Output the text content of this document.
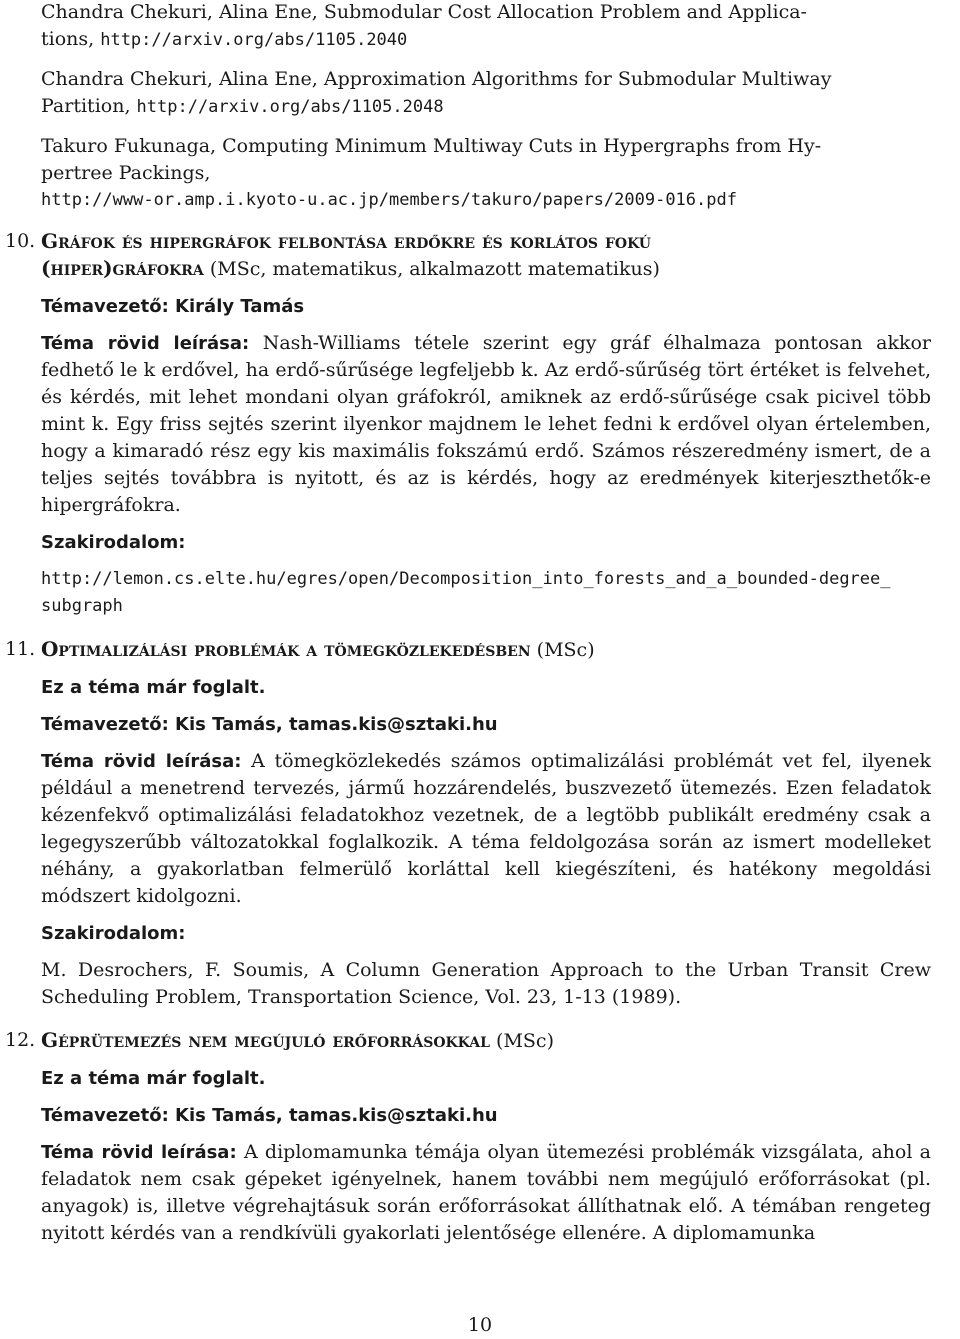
Chandra Chekuri, Alina Ene, Submodular Cost Allocation Problem and Applica-

tions, http://arxiv.org/abs/1105.2040

Chandra Chekuri, Alina Ene, Approximation Algorithms for Submodular Multiway

Partition, http://arxiv.org/abs/1105.2048

Takuro Fukunaga, Computing Minimum Multiway Cuts in Hypergraphs from Hy-

pertree Packings,

http://www-or.amp.i.kyoto-u.ac.jp/members/takuro/papers/2009-016.pdf

10. Gráfok és hipergráfok felbontása erdőkre és korlátos fokú

(hiper)gráfokra (MSc, matematikus, alkalmazott matematikus)

Témavezető: Király Tamás

Téma rövid leírása: Nash-Williams tétele szerint egy gráf élhalmaza pontosan akkor fedhető le k erdővel, ha erdő-sűrűsége legfeljebb k. Az erdő-sűrűség tört értéket is felvehet, és kérdés, mit lehet mondani olyan gráfokról, amiknek az erdő-sűrűsége csak picivel több mint k. Egy friss sejtés szerint ilyenkor majdnem le lehet fedni k erdővel olyan értelemben, hogy a kimaradó rész egy kis maximális fokszámú erdő. Számos részeredmény ismert, de a teljes sejtés továbbra is nyitott, és az is kérdés, hogy az eredmények kiterjeszthetők-e hipergráfokra.

Szakirodalom:

http://lemon.cs.elte.hu/egres/open/Decomposition_into_forests_and_a_bounded-degree_

subgraph

11. Optimalizálási problémák a tömegközlekedésben (MSc)

Ez a téma már foglalt.

Témavezető: Kis Tamás, tamas.kis@sztaki.hu

Téma rövid leírása: A tömegközlekedés számos optimalizálási problémát vet fel, ilyenek például a menetrend tervezés, jármű hozzárendelés, buszvezető ütemezés. Ezen feladatok kézenfekvő optimalizálási feladatokhoz vezetnek, de a legtöbb publikált eredmény csak a legegyszerűbb változatokkal foglalkozik. A téma feldolgozása során az ismert modelleket néhány, a gyakorlatban felmerülő korláttal kell kiegészíteni, és hatékony megoldási módszert kidolgozni.

Szakirodalom:

M. Desrochers, F. Soumis, A Column Generation Approach to the Urban Transit Crew Scheduling Problem, Transportation Science, Vol. 23, 1-13 (1989).

12. Géprütemezés nem megújuló erőforrásokkal (MSc)

Ez a téma már foglalt.

Témavezető: Kis Tamás, tamas.kis@sztaki.hu

Téma rövid leírása: A diplomamunka témája olyan ütemezési problémák vizsgálata, ahol a feladatok nem csak gépeket igényelnek, hanem további nem megújuló erőforrásokat (pl. anyagok) is, illetve végrehajtásuk során erőforrásokat állíthatnak elő. A témában rengeteg nyitott kérdés van a rendkívüli gyakorlati jelentősége ellenére. A diplomamunka

10
